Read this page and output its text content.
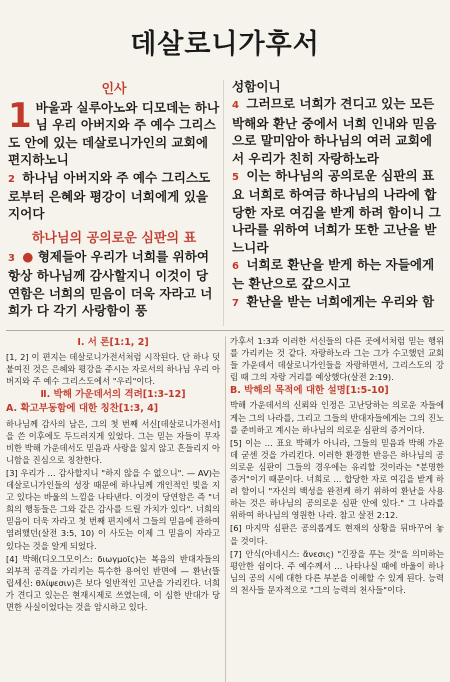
데살로니가후서
인사

1 바울과 실루아노와 디모데는 하나님 우리 아버지와 주 예수 그리스도 안에 있는 데살로니가인의 교회에 편지하노니

2 하나님 아버지와 주 예수 그리스도로부터 은혜와 평강이 너희에게 있을지어다

하나님의 공의로운 심판의 표

3 ● 형제들아 우리가 너희를 위하여 항상 하나님께 감사할지니 이것이 당연함은 너희의 믿음이 더욱 자라고 너희가 다 각기 사랑함이 풍

성함이니

4 그러므로 너희가 견디고 있는 모든 박해와 환난 중에서 너희 인내와 믿음으로 말미암아 하나님의 여러 교회에서 우리가 친히 자랑하노라

5 이는 하나님의 공의로운 심판의 표요 너희로 하여금 하나님의 나라에 합당한 자로 여김을 받게 하려 함이니 그 나라를 위하여 너희가 또한 고난을 받느니라

6 너희로 환난을 받게 하는 자들에게는 환난으로 갚으시고

7 환난을 받는 너희에게는 우리와 함

Ⅰ. 서 론[1:1, 2]

[1, 2] 이 편지는 데살로니가전서처럼 시작된다. 단 하나 덧붙여진 것은 은혜와 평강을 주시는 자로서의 하나님 우리 아버지와 주 예수 그리스도에서 "우리"이다.

Ⅱ. 박해 가운데서의 격려[1:3-12]
A. 확고부동함에 대한 칭찬[1:3, 4]

하나님께 감사의 남은, 그의 첫 번째 서신[데살로니가전서]을 쓴 이후에도 두드러지게 있었다. 그는 믿는 자들이 무자비한 박해 가운데서도 믿음과 사랑을 잃지 않고 흔들리지 아니함을 진심으로 칭찬한다.

[3] 우리가 … 감사할지니 "하지 않을 수 없으니". — AV)는 데살로니가인들의 성장 때문에 하나님께 개인적인 빚을 지고 있다는 바울의 느낌을 나타낸다. 이것이 당연함은 즉 "너희의 행동들은 그와 같은 감사를 드릴 가치가 있다". 너희의 믿음이 더욱 자라고 첫 번째 편지에서 그들의 믿음에 관하여 염려했던(살전 3:5, 10) 이 사도는 이제 그 믿음이 자라고 있다는 것을 알게 되었다.

[4] 박해(디오그모이스: διωγμοῖς)는 복음의 반대자들의 외부적 공격을 가리키는 특수한 용어인 반면에 — 환난(뜰립세신: θλίψεσιν)은 보다 일반적인 고난을 가리킨다. 너희가 견디고 있는은 현재시제로 쓰였는데, 이 심한 반대가 당면한 사실이었다는 것을 암시하고 있다.

가후서 1:3과 이러한 서신들의 다른 곳에서처럼 믿는 행위를 가리키는 것 같다. 자랑하노라 그는 그가 수고했던 교회들 가운데서 데살로니가인들을 자랑하면서, 그리스도의 강림 때 그의 자랑 거리를 예상했다(살전 2:19).

B. 박해의 목적에 대한 설명[1:5-10]

박해 가운데서의 신뢰와 인정은 고난당하는 의로운 자들에게는 그의 나라를, 그리고 그들의 반대자들에게는 그의 진노를 준비하고 계시는 하나님의 의로운 심판의 증거이다.

[5] 이는 … 표요 박해가 아니라, 그들의 믿음과 박해 가운데 굳센 것을 가리킨다. 이러한 환경한 반응은 하나님의 공의로운 심판이 그들의 경우에는 유리할 것이라는 "분명한 증거"이기 때문이다. 너희로 … 합당한 자로 여김을 받게 하려 함이니 "자신의 백성을 완전케 하기 위하여 환난을 사용하는 것은 하나님의 공의로운 심판 안에 있다." 그 나라를 위하여 하나님의 영원한 나라. 참고 살전 2:12.

[6] 마지막 심판은 공의롭게도 현재의 상황을 뒤바꾸어 놓을 것이다.

[7] 안식(아네시스: ἄνεσις) "긴장을 푸는 것"을 의미하는 평안한 쉼이다. 주 예수께서 … 나타나실 때에 바울이 하나님의 공의 시에 대한 다른 부분을 이해할 수 있게 된다. 능력의 천사들 문자적으로 "그의 능력의 천사들"이다.
